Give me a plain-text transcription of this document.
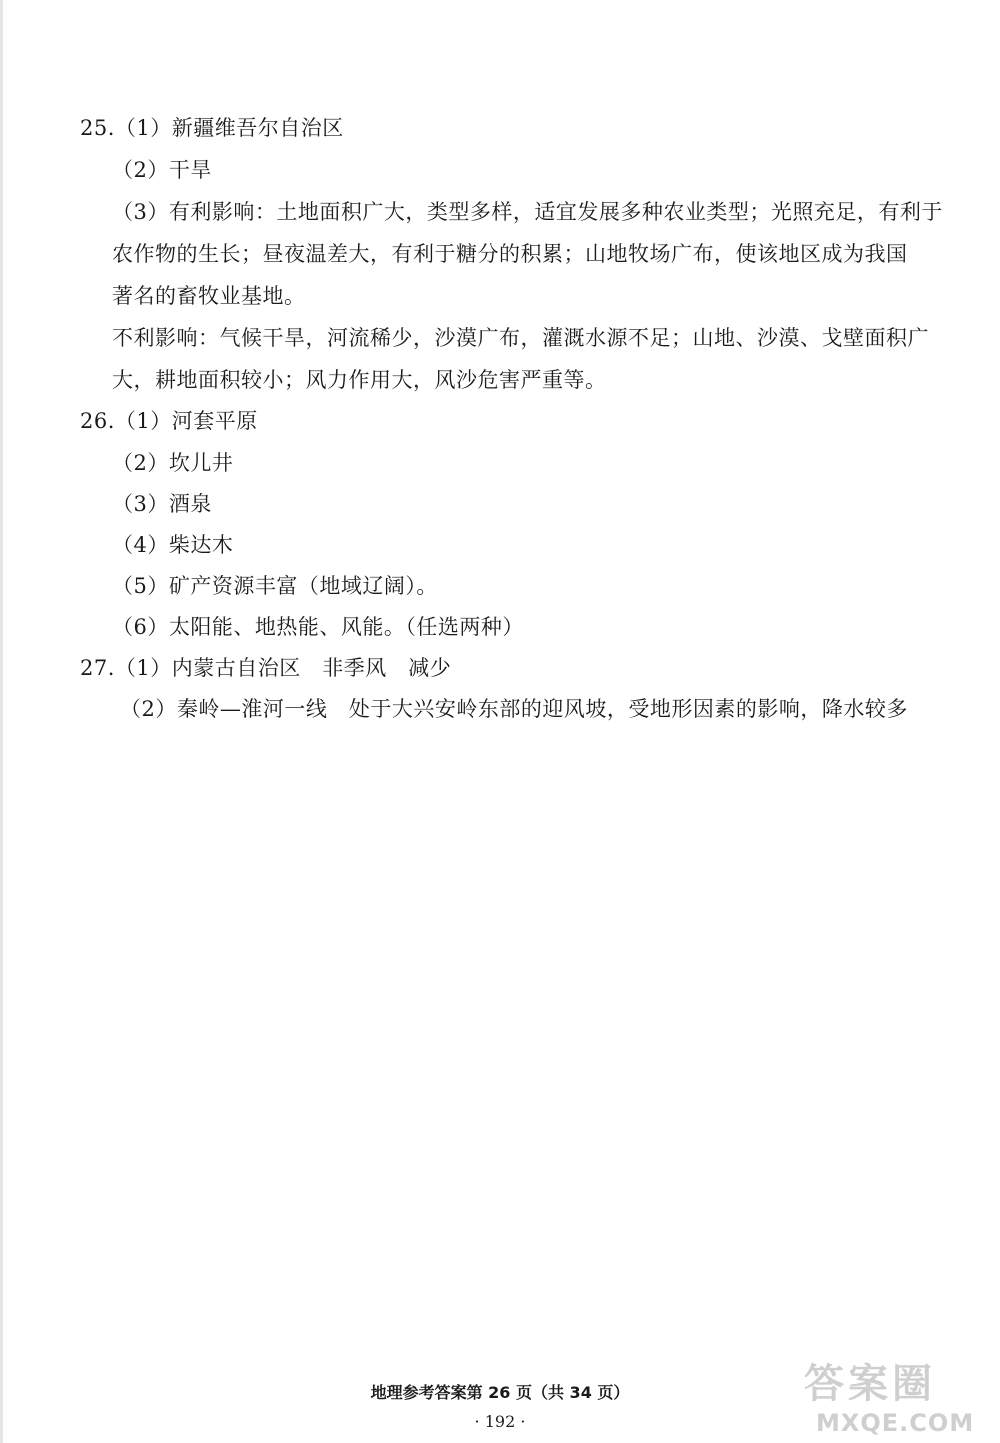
25.（1）新疆维吾尔自治区
（2）干旱
（3）有利影响：土地面积广大，类型多样，适宜发展多种农业类型；光照充足，有利于
农作物的生长；昼夜温差大，有利于糖分的积累；山地牧场广布，使该地区成为我国
著名的畜牧业基地。
不利影响：气候干旱，河流稀少，沙漠广布，灌溉水源不足；山地、沙漠、戈壁面积广
大，耕地面积较小；风力作用大，风沙危害严重等。
26.（1）河套平原
（2）坎儿井
（3）酒泉
（4）柴达木
（5）矿产资源丰富（地域辽阔）。
（6）太阳能、地热能、风能。（任选两种）
27.（1）内蒙古自治区　非季风　减少
（2）秦岭—淮河一线　处于大兴安岭东部的迎风坡，受地形因素的影响，降水较多
地理参考答案第 26 页（共 34 页）
· 192 ·
答案圈
MXQE.COM
